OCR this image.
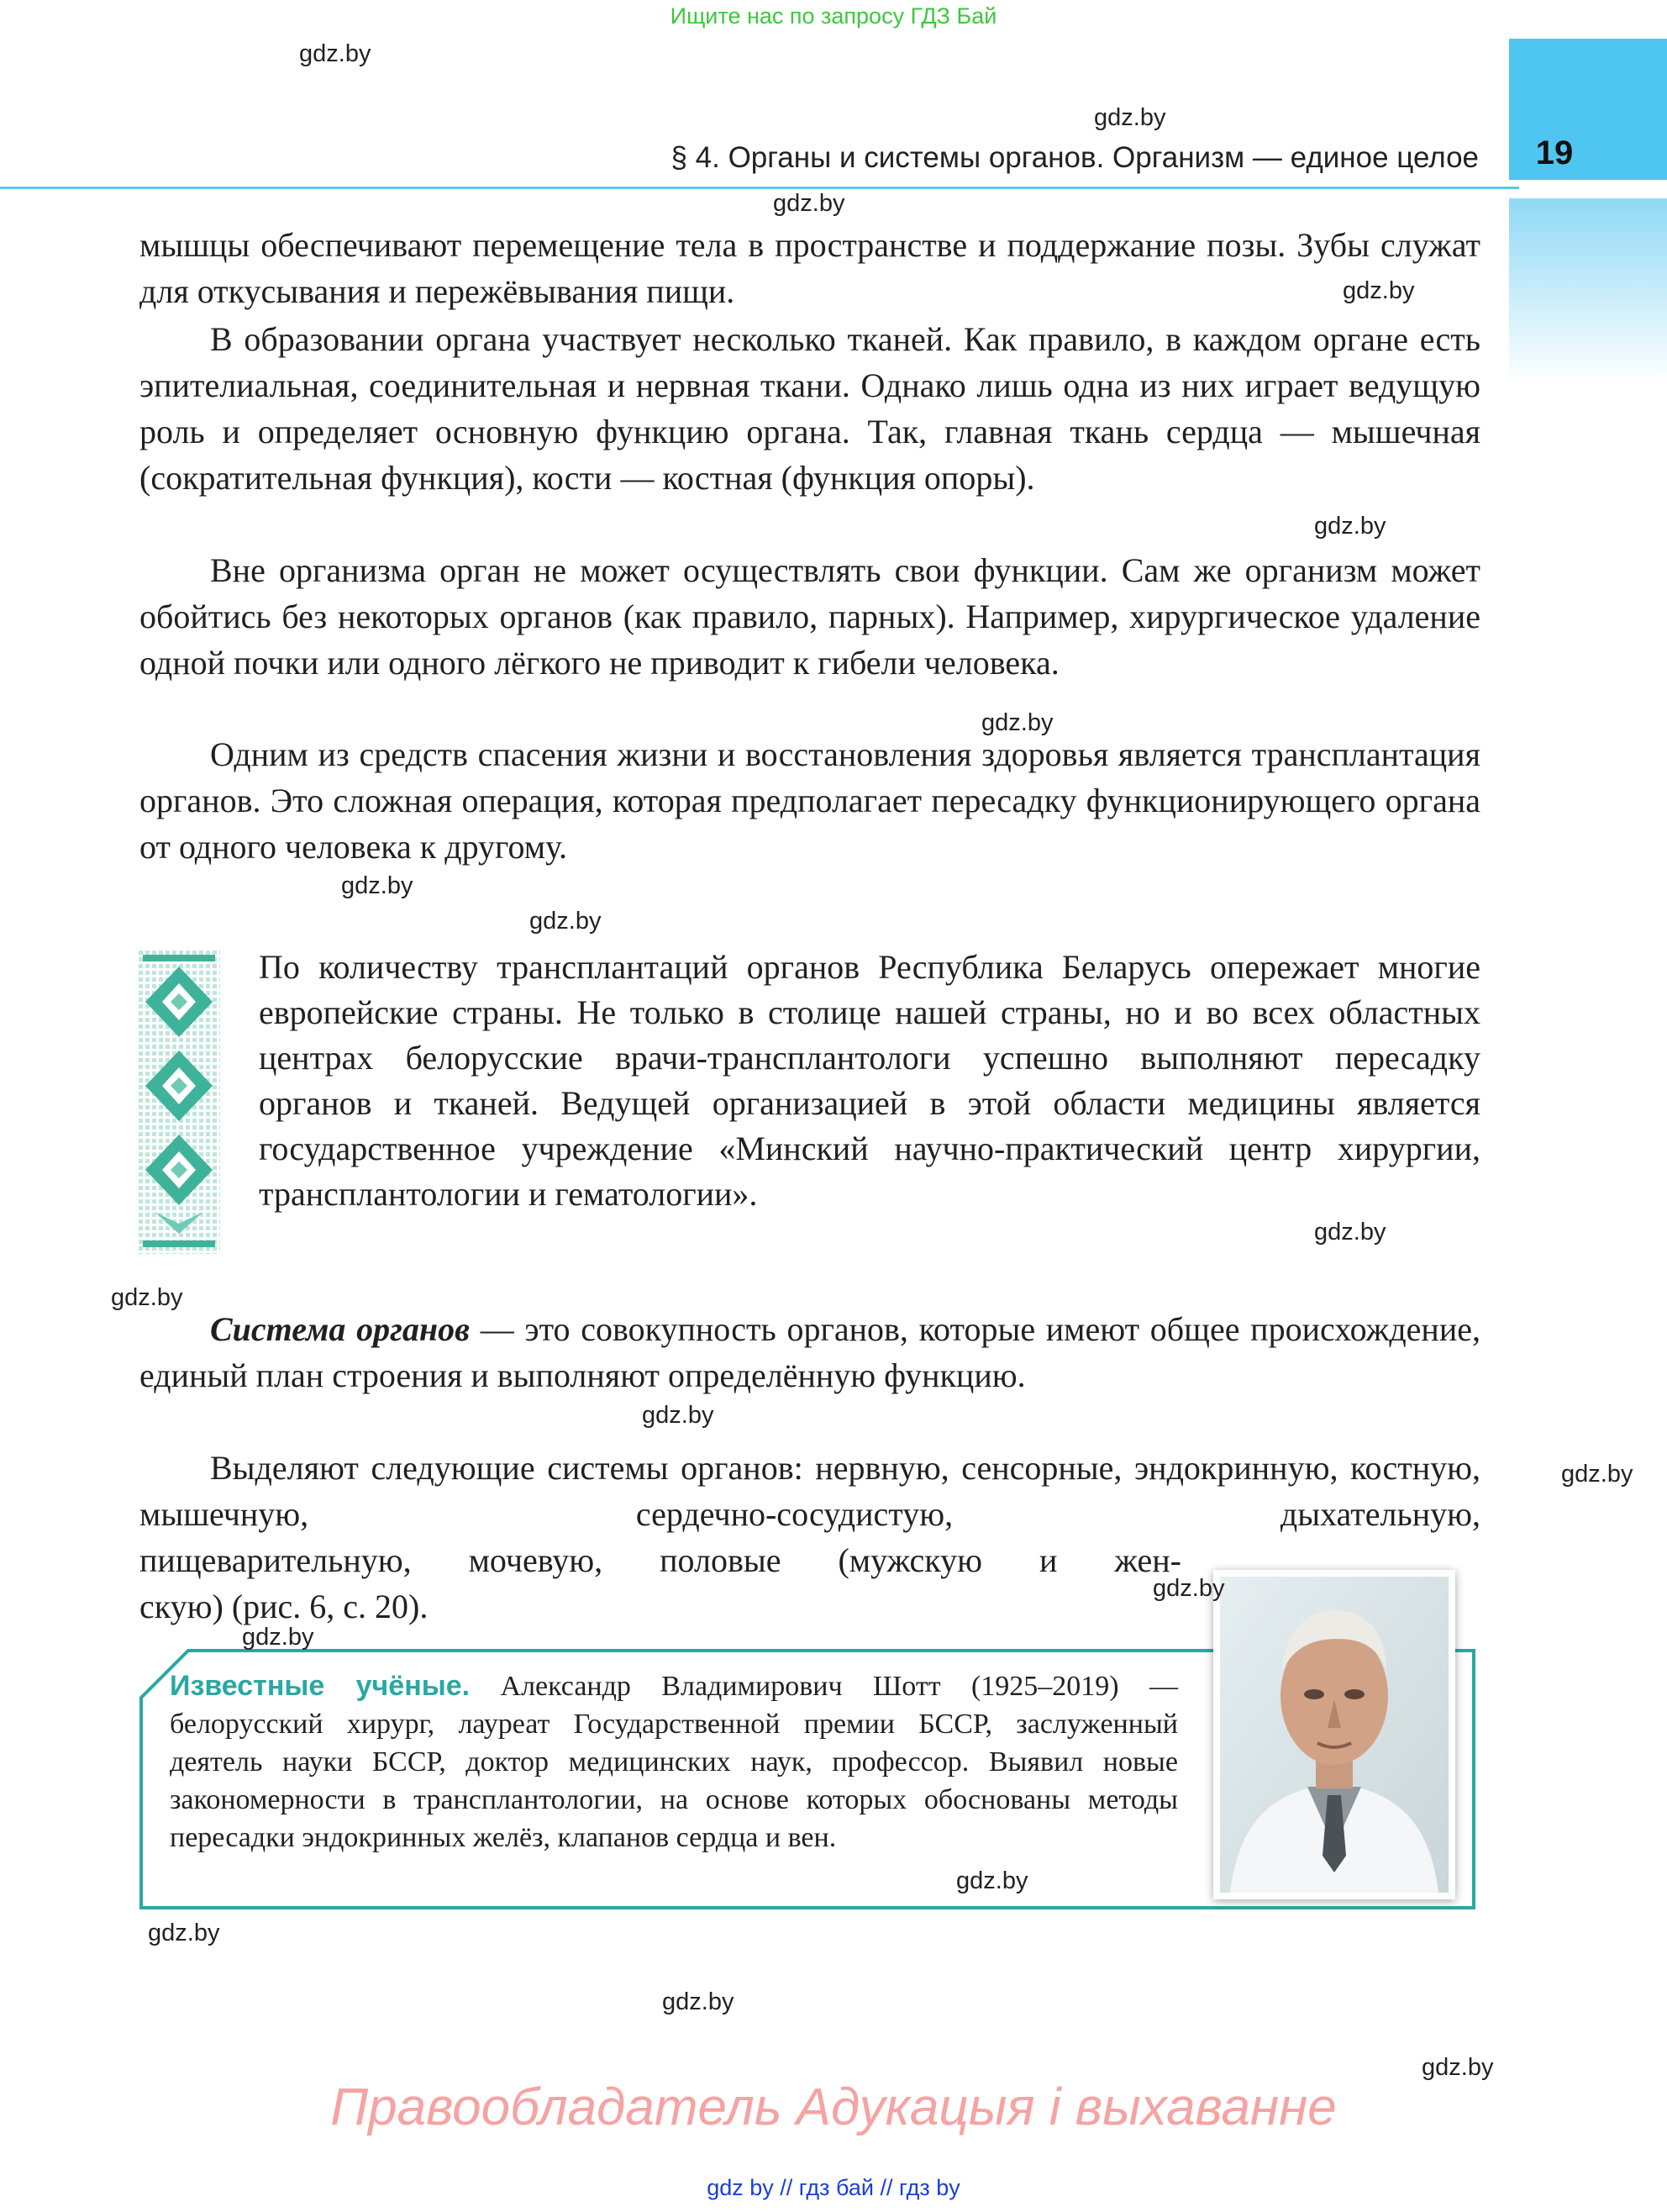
Ищите нас по запросу ГДЗ Бай
§ 4. Органы и системы органов. Организм — единое целое	19

мышцы обеспечивают перемещение тела в пространстве и поддержание позы. Зубы служат для откусывания и пережёвывания пищи.

В образовании органа участвует несколько тканей. Как правило, в каждом органе есть эпителиальная, соединительная и нервная ткани. Однако лишь одна из них играет ведущую роль и определяет основную функцию органа. Так, главная ткань сердца — мышечная (сократительная функция), кости — костная (функция опоры).

Вне организма орган не может осуществлять свои функции. Сам же организм может обойтись без некоторых органов (как правило, парных). Например, хирургическое удаление одной почки или одного лёгкого не приводит к гибели человека.

Одним из средств спасения жизни и восстановления здоровья является трансплантация органов. Это сложная операция, которая предполагает пересадку функционирующего органа от одного человека к другому.

По количеству трансплантаций органов Республика Беларусь опережает многие европейские страны. Не только в столице нашей страны, но и во всех областных центрах белорусские врачи-трансплантологи успешно выполняют пересадку органов и тканей. Ведущей организацией в этой области медицины является государственное учреждение «Минский научно-практический центр хирургии, трансплантологии и гематологии».

Система органов — это совокупность органов, которые имеют общее происхождение, единый план строения и выполняют определённую функцию.

Выделяют следующие системы органов: нервную, сенсорные, эндокринную, костную, мышечную, сердечно-сосудистую, дыхательную,
пищеварительную, мочевую, половые (мужскую и жен-
скую) (рис. 6, с. 20).

Известные учёные. Александр Владимирович Шотт (1925–2019) — белорусский хирург, лауреат Государственной премии БССР, заслуженный деятель науки БССР, доктор медицинских наук, профессор. Выявил новые закономерности в трансплантологии, на основе которых обоснованы методы пересадки эндокринных желёз, клапанов сердца и вен.

gdz.by
gdz.by
gdz.by
gdz.by
gdz.by
gdz.by
gdz.by
gdz.by
gdz.by
gdz.by
gdz.by
gdz.by
gdz.by
gdz.by
gdz.by
gdz.by
gdz.by
gdz.by
Правообладатель Адукацыя і выхаванне
gdz by // гдз бай // гдз by
